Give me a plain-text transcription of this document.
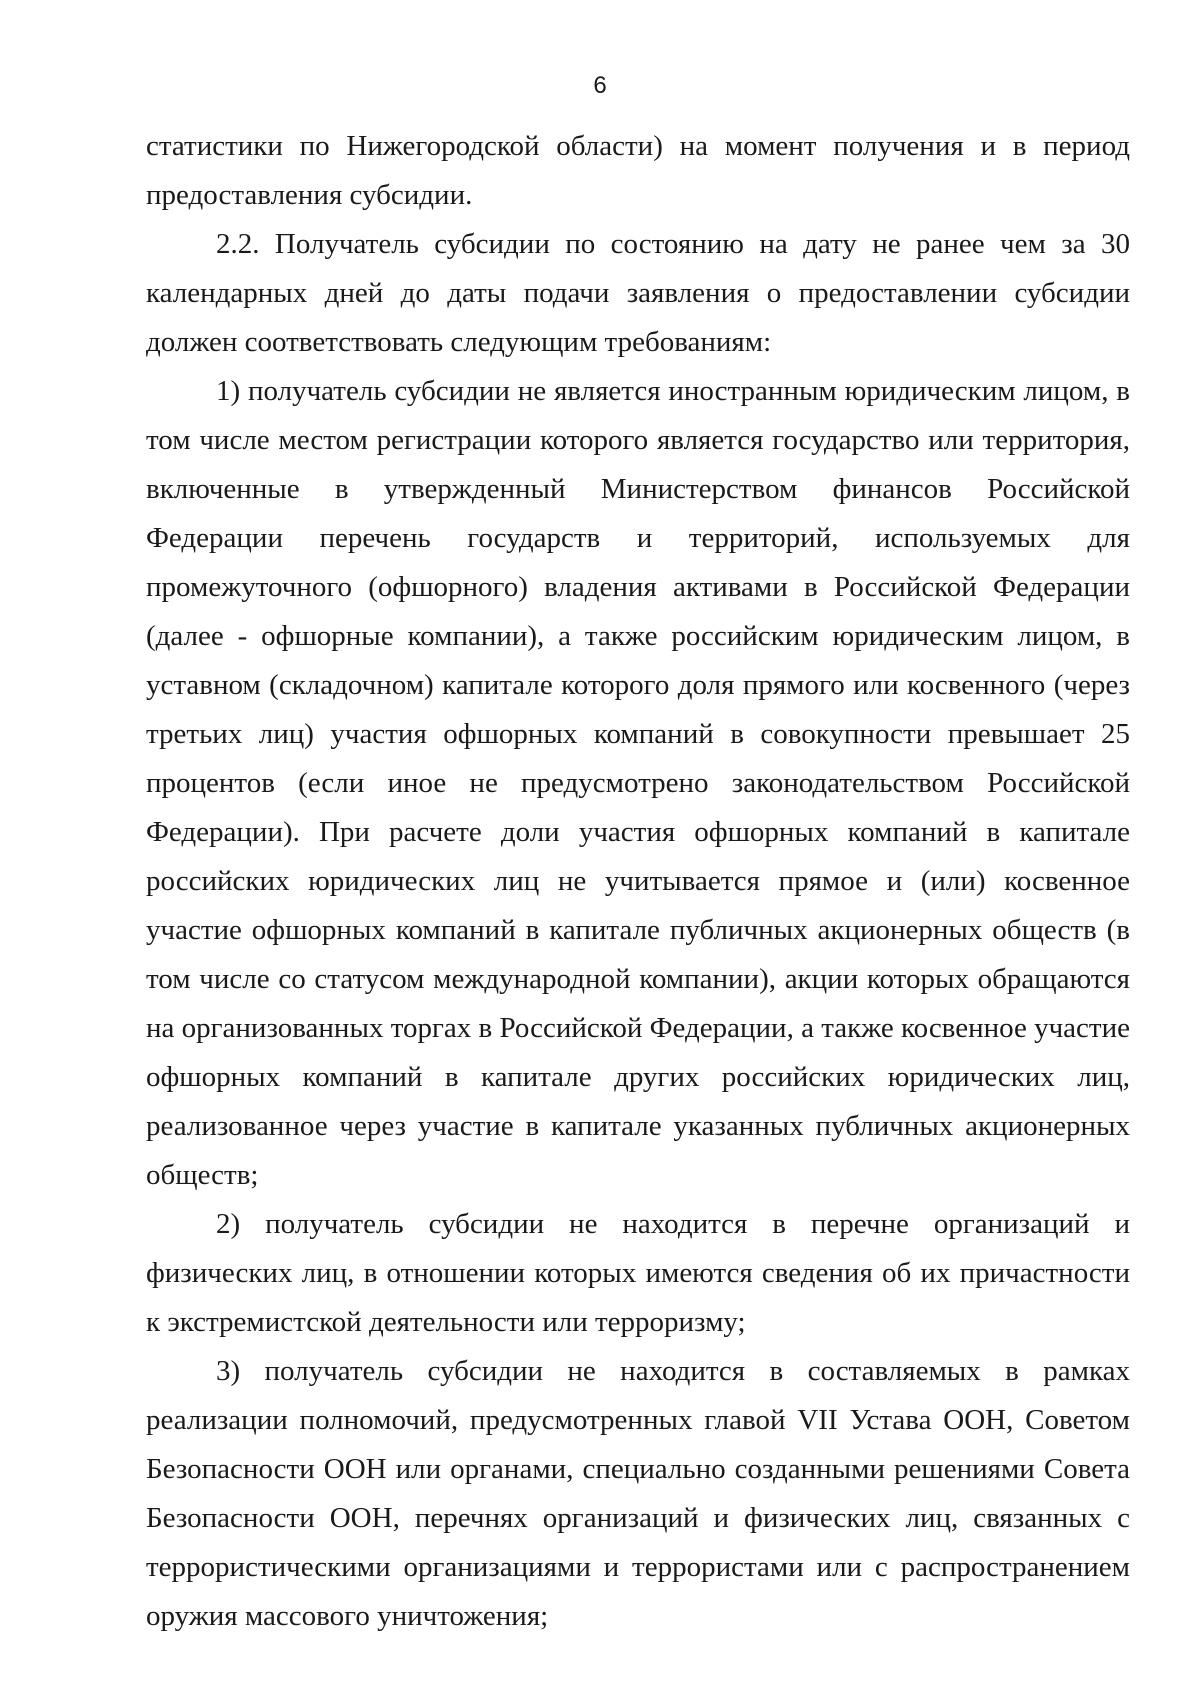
6

статистики по Нижегородской области) на момент получения и в период предоставления субсидии.

2.2. Получатель субсидии по состоянию на дату не ранее чем за 30 календарных дней до даты подачи заявления о предоставлении субсидии должен соответствовать следующим требованиям:

1) получатель субсидии не является иностранным юридическим лицом, в том числе местом регистрации которого является государство или территория, включенные в утвержденный Министерством финансов Российской Федерации перечень государств и территорий, используемых для промежуточного (офшорного) владения активами в Российской Федерации (далее - офшорные компании), а также российским юридическим лицом, в уставном (складочном) капитале которого доля прямого или косвенного (через третьих лиц) участия офшорных компаний в совокупности превышает 25 процентов (если иное не предусмотрено законодательством Российской Федерации). При расчете доли участия офшорных компаний в капитале российских юридических лиц не учитывается прямое и (или) косвенное участие офшорных компаний в капитале публичных акционерных обществ (в том числе со статусом международной компании), акции которых обращаются на организованных торгах в Российской Федерации, а также косвенное участие офшорных компаний в капитале других российских юридических лиц, реализованное через участие в капитале указанных публичных акционерных обществ;

2) получатель субсидии не находится в перечне организаций и физических лиц, в отношении которых имеются сведения об их причастности к экстремистской деятельности или терроризму;

3) получатель субсидии не находится в составляемых в рамках реализации полномочий, предусмотренных главой VII Устава ООН, Советом Безопасности ООН или органами, специально созданными решениями Совета Безопасности ООН, перечнях организаций и физических лиц, связанных с террористическими организациями и террористами или с распространением оружия массового уничтожения;
